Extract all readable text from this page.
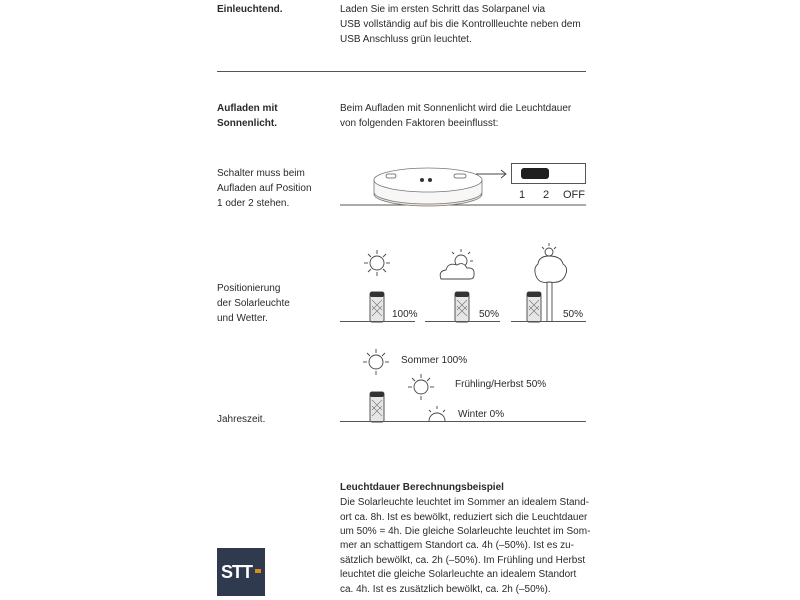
Einleuchtend.	Laden Sie im ersten Schritt das Solarpanel via
USB vollständig auf bis die Kontrollleuchte neben dem
USB Anschluss grün leuchtet.
Aufladen mit
Sonnenlicht.
Beim Aufladen mit Sonnenlicht wird die Leuchtdauer
von folgenden Faktoren beeinflusst:
Schalter muss beim
Aufladen auf Position
1 oder 2 stehen.
1 2 OFF
Positionierung
der Solarleuchte
und Wetter.	100%	50%	50%
Jahreszeit.
Sommer 100%
Frühling/Herbst 50%
Winter 0%
Leuchtdauer Berechnungsbeispiel
Die Solarleuchte leuchtet im Sommer an idealem Stand-
ort ca. 8h. Ist es bewölkt, reduziert sich die Leuchtdauer
um 50% = 4h. Die gleiche Solarleuchte leuchtet im Som-
mer an schattigem Standort ca. 4h (–50%). Ist es zu-
sätzlich bewölkt, ca. 2h (–50%). Im Frühling und Herbst
leuchtet die gleiche Solarleuchte an idealem Standort
ca. 4h. Ist es zusätzlich bewölkt, ca. 2h (–50%).
STT
